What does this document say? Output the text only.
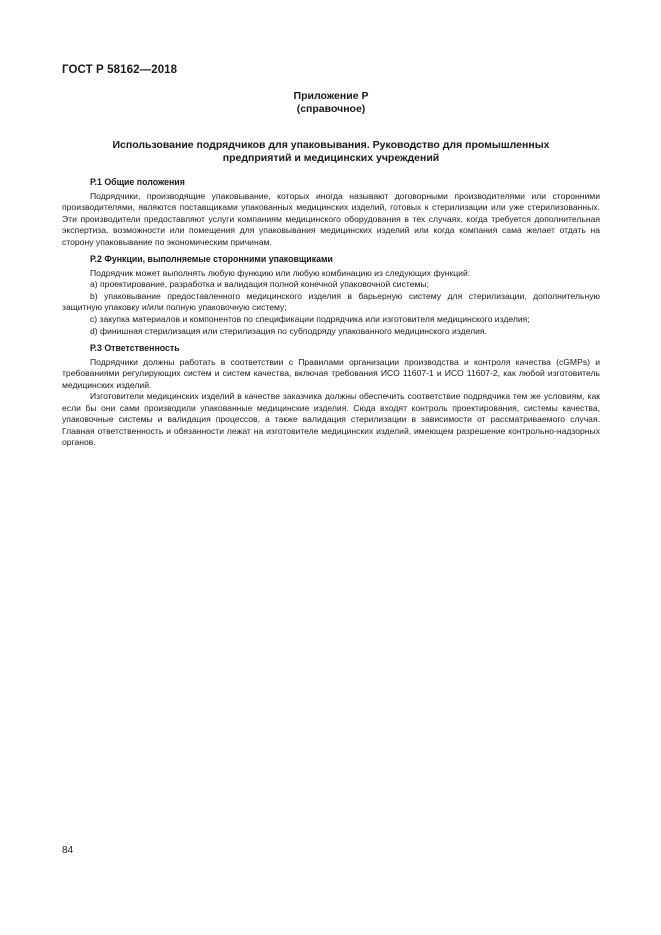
ГОСТ Р 58162—2018
Приложение Р
(справочное)
Использование подрядчиков для упаковывания. Руководство для промышленных
предприятий и медицинских учреждений
Р.1 Общие положения

Подрядчики, производящие упаковывание, которых иногда называют договорными производителями или сторонними производителями, являются поставщиками упакованных медицинских изделий, готовых к стерилизации или уже стерилизованных. Эти производители предоставляют услуги компаниям медицинского оборудования в тех случаях, когда требуется дополнительная экспертиза, возможности или помещения для упаковывания медицинских изделий или когда компания сама желает отдать на сторону упаковывание по экономическим причинам.

Р.2 Функции, выполняемые сторонними упаковщиками

Подрядчик может выполнять любую функцию или любую комбинацию из следующих функций:

a) проектирование, разработка и валидация полной конечной упаковочной системы;

b) упаковывание предоставленного медицинского изделия в барьерную систему для стерилизации, дополнительную защитную упаковку и/или полную упаковочную систему;

c) закупка материалов и компонентов по спецификации подрядчика или изготовителя медицинского изделия;

d) финишная стерилизация или стерилизация по субподряду упакованного медицинского изделия.

Р.3 Ответственность

Подрядчики должны работать в соответствии с Правилами организации производства и контроля качества (cGMPs) и требованиями регулирующих систем и систем качества, включая требования ИСО 11607-1 и ИСО 11607-2, как любой изготовитель медицинских изделий.

Изготовители медицинских изделий в качестве заказчика должны обеспечить соответствие подрядчика тем же условиям, как если бы они сами производили упакованные медицинские изделия. Сюда входят контроль проектирования, системы качества, упаковочные системы и валидация процессов, а также валидация стерилизации в зависимости от рассматриваемого случая. Главная ответственность и обязанности лежат на изготовителе медицинских изделий, имеющем разрешение контрольно-надзорных органов.

84
